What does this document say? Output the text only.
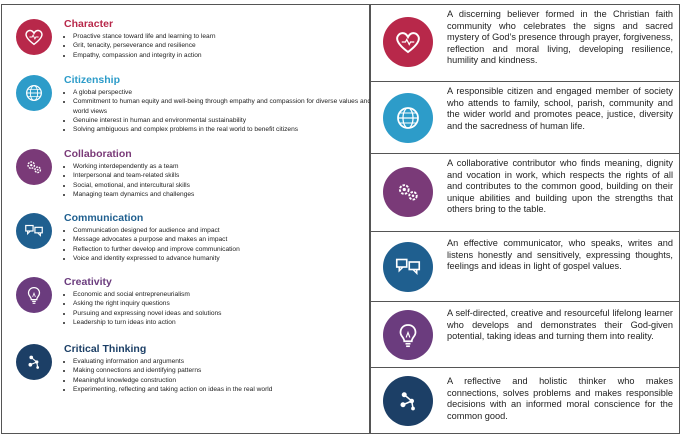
Character
• Proactive stance toward life and learning to learn
• Grit, tenacity, perseverance and resilience
• Empathy, compassion and integrity in action
Citizenship
• A global perspective
• Commitment to human equity and well-being through empathy and compassion for diverse values and world views
• Genuine interest in human and environmental sustainability
• Solving ambiguous and complex problems in the real world to benefit citizens
Collaboration
• Working interdependently as a team
• Interpersonal and team-related skills
• Social, emotional, and intercultural skills
• Managing team dynamics and challenges
Communication
• Communication designed for audience and impact
• Message advocates a purpose and makes an impact
• Reflection to further develop and improve communication
• Voice and identity expressed to advance humanity
Creativity
• Economic and social entrepreneurialism
• Asking the right inquiry questions
• Pursuing and expressing novel ideas and solutions
• Leadership to turn ideas into action
Critical Thinking
• Evaluating information and arguments
• Making connections and identifying patterns
• Meaningful knowledge construction
• Experimenting, reflecting and taking action on ideas in the real world
A discerning believer formed in the Christian faith community who celebrates the signs and sacred mystery of God’s presence through prayer, forgiveness, reflection and moral living, developing resilience, humility and kindness.
A responsible citizen and engaged member of society who attends to family, school, parish, community and the wider world and promotes peace, justice, diversity and the sacredness of human life.
A collaborative contributor who finds meaning, dignity and vocation in work, which respects the rights of all and contributes to the common good, building on their unique abilities and building upon the strengths that others bring to the table.
An effective communicator, who speaks, writes and listens honestly and sensitively, expressing thoughts, feelings and ideas in light of gospel values.
A self-directed, creative and resourceful lifelong learner who develops and demonstrates their God-given potential, taking ideas and turning them into reality.
A reflective and holistic thinker who makes connections, solves problems and makes responsible decisions with an informed moral conscience for the common good.
